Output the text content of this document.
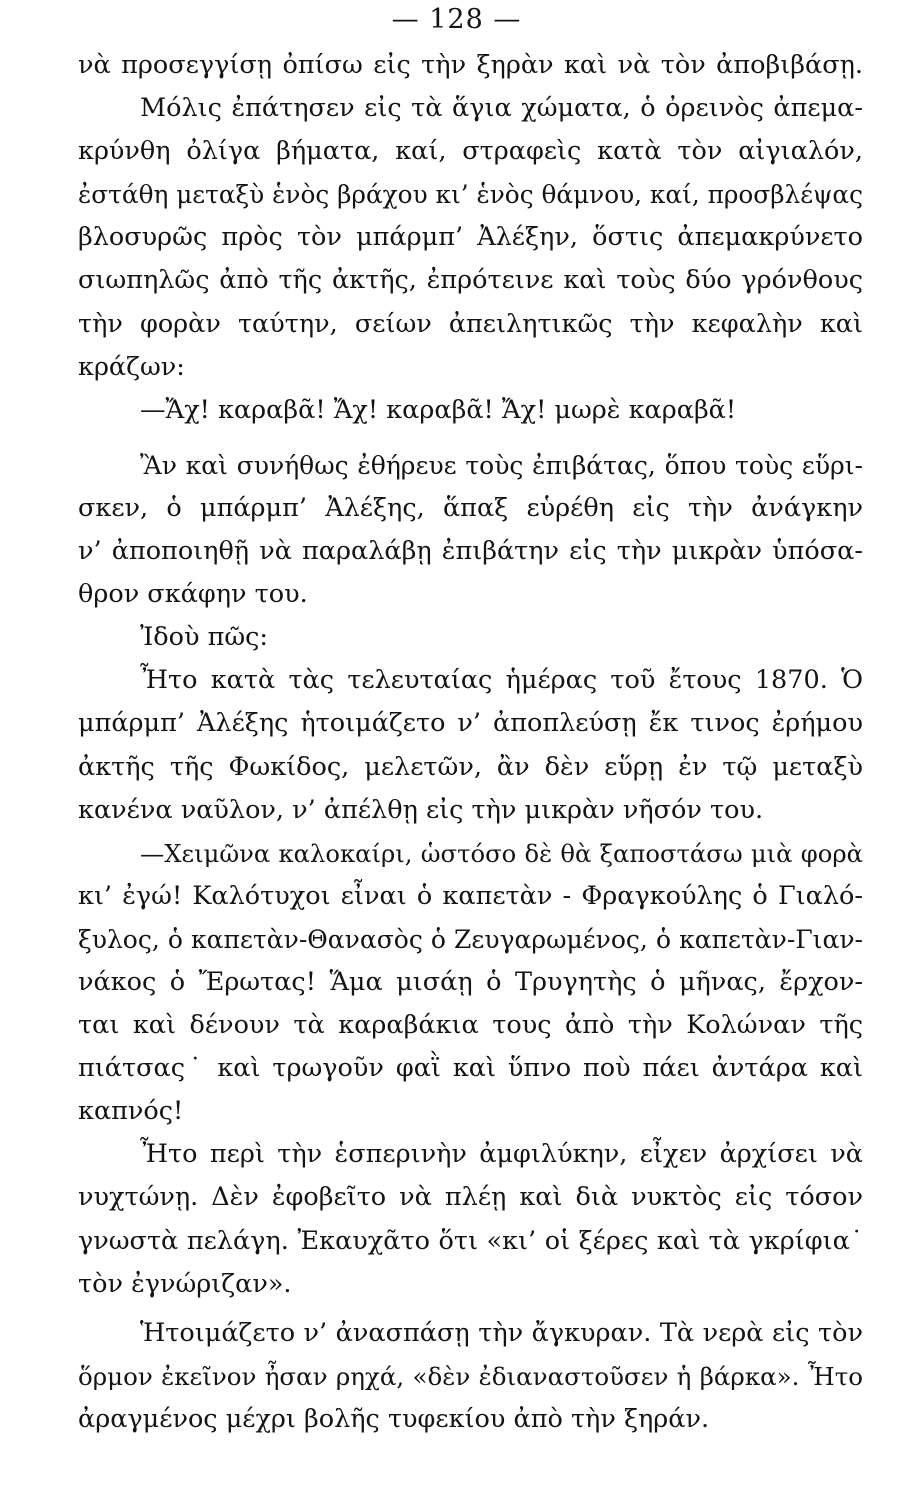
— 128 —
νὰ προσεγγίσῃ ὀπίσω εἰς τὴν ξηρὰν καὶ νὰ τὸν ἀποβιβάσῃ.
Μόλις ἐπάτησεν εἰς τὰ ἅγια χώματα, ὁ ὀρεινὸς ἀπεμα-
κρύνθη ὀλίγα βήματα, καί, στραφεὶς κατὰ τὸν αἰγιαλόν,
ἐστάθη μεταξὺ ἑνὸς βράχου κι’ ἑνὸς θάμνου, καί, προσβλέψας
βλοσυρῶς πρὸς τὸν μπάρμπ’ Ἀλέξην, ὅστις ἀπεμακρύνετο
σιωπηλῶς ἀπὸ τῆς ἀκτῆς, ἐπρότεινε καὶ τοὺς δύο γρόνθους
τὴν φορὰν ταύτην, σείων ἀπειλητικῶς τὴν κεφαλὴν καὶ
κράζων:
—Ἄχ! καραβᾶ! Ἄχ! καραβᾶ! Ἄχ! μωρὲ καραβᾶ!
Ἂν καὶ συνήθως ἐθήρευε τοὺς ἐπιβάτας, ὅπου τοὺς εὕρι-
σκεν, ὁ μπάρμπ’ Ἀλέξης, ἅπαξ εὑρέθη εἰς τὴν ἀνάγκην
ν’ ἀποποιηθῇ νὰ παραλάβῃ ἐπιβάτην εἰς τὴν μικρὰν ὑπόσα-
θρον σκάφην του.
Ἰδοὺ πῶς:
Ἦτο κατὰ τὰς τελευταίας ἡμέρας τοῦ ἔτους 1870. Ὁ
μπάρμπ’ Ἀλέξης ἡτοιμάζετο ν’ ἀποπλεύσῃ ἔκ τινος ἐρήμου
ἀκτῆς τῆς Φωκίδος, μελετῶν, ἂν δὲν εὕρῃ ἐν τῷ μεταξὺ
κανένα ναῦλον, ν’ ἀπέλθῃ εἰς τὴν μικρὰν νῆσόν του.
—Χειμῶνα καλοκαίρι, ὡστόσο δὲ θὰ ξαποστάσω μιὰ φορὰ
κι’ ἐγώ! Καλότυχοι εἶναι ὁ καπετὰν - Φραγκούλης ὁ Γιαλό-
ξυλος, ὁ καπετὰν-Θανασὸς ὁ Ζευγαρωμένος, ὁ καπετὰν-Γιαν-
νάκος ὁ Ἔρωτας! Ἅμα μισάῃ ὁ Τρυγητὴς ὁ μῆνας, ἔρχον-
ται καὶ δένουν τὰ καραβάκια τους ἀπὸ τὴν Κολώναν τῆς
πιάτσας˙ καὶ τρωγοῦν φαῒ καὶ ὕπνο ποὺ πάει ἀντάρα καὶ
καπνός!
Ἦτο περὶ τὴν ἑσπερινὴν ἀμφιλύκην, εἶχεν ἀρχίσει νὰ
νυχτώνῃ. Δὲν ἐφοβεῖτο νὰ πλέῃ καὶ διὰ νυκτὸς εἰς τόσον
γνωστὰ πελάγη. Ἐκαυχᾶτο ὅτι «κι’ οἱ ξέρες καὶ τὰ γκρίφια˙
τὸν ἐγνώριζαν».
Ἡτοιμάζετο ν’ ἀνασπάσῃ τὴν ἄγκυραν. Τὰ νερὰ εἰς τὸν
ὅρμον ἐκεῖνον ἦσαν ρηχά, «δὲν ἐδιαναστοῦσεν ἡ βάρκα». Ἦτο
ἀραγμένος μέχρι βολῆς τυφεκίου ἀπὸ τὴν ξηράν.
